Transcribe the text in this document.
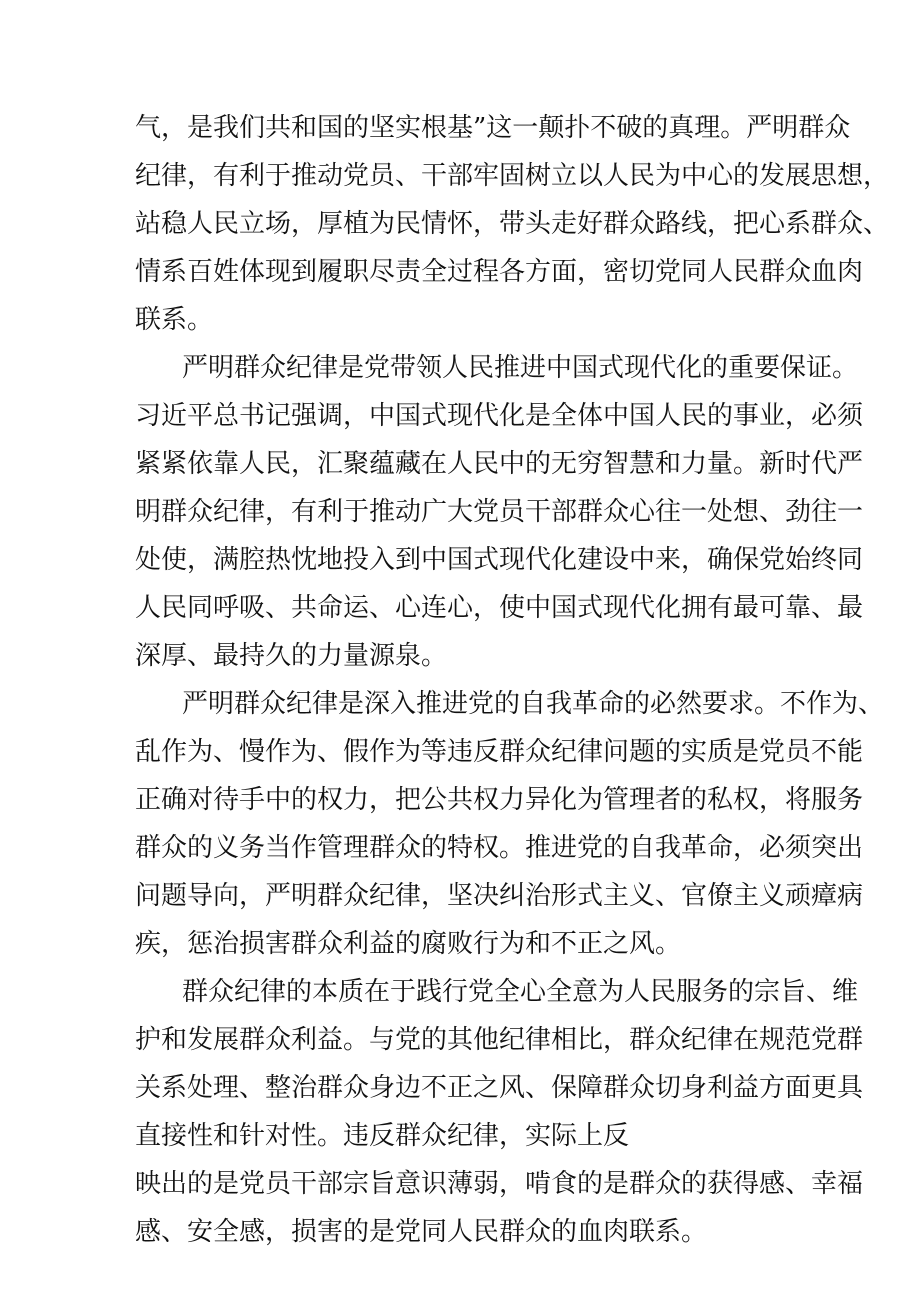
气，是我们共和国的坚实根基”这一颠扑不破的真理。严明群众

纪律，有利于推动党员、干部牢固树立以人民为中心的发展思想，

站稳人民立场，厚植为民情怀，带头走好群众路线，把心系群众、

情系百姓体现到履职尽责全过程各方面，密切党同人民群众血肉

联系。

严明群众纪律是党带领人民推进中国式现代化的重要保证。

习近平总书记强调，中国式现代化是全体中国人民的事业，必须

紧紧依靠人民，汇聚蕴藏在人民中的无穷智慧和力量。新时代严

明群众纪律，有利于推动广大党员干部群众心往一处想、劲往一

处使，满腔热忱地投入到中国式现代化建设中来，确保党始终同

人民同呼吸、共命运、心连心，使中国式现代化拥有最可靠、最

深厚、最持久的力量源泉。

严明群众纪律是深入推进党的自我革命的必然要求。不作为、

乱作为、慢作为、假作为等违反群众纪律问题的实质是党员不能

正确对待手中的权力，把公共权力异化为管理者的私权，将服务

群众的义务当作管理群众的特权。推进党的自我革命，必须突出

问题导向，严明群众纪律，坚决纠治形式主义、官僚主义顽瘴病

疾，惩治损害群众利益的腐败行为和不正之风。

群众纪律的本质在于践行党全心全意为人民服务的宗旨、维

护和发展群众利益。与党的其他纪律相比，群众纪律在规范党群

关系处理、整治群众身边不正之风、保障群众切身利益方面更具

直接性和针对性。违反群众纪律，实际上反

映出的是党员干部宗旨意识薄弱，啃食的是群众的获得感、幸福

感、安全感，损害的是党同人民群众的血肉联系。
